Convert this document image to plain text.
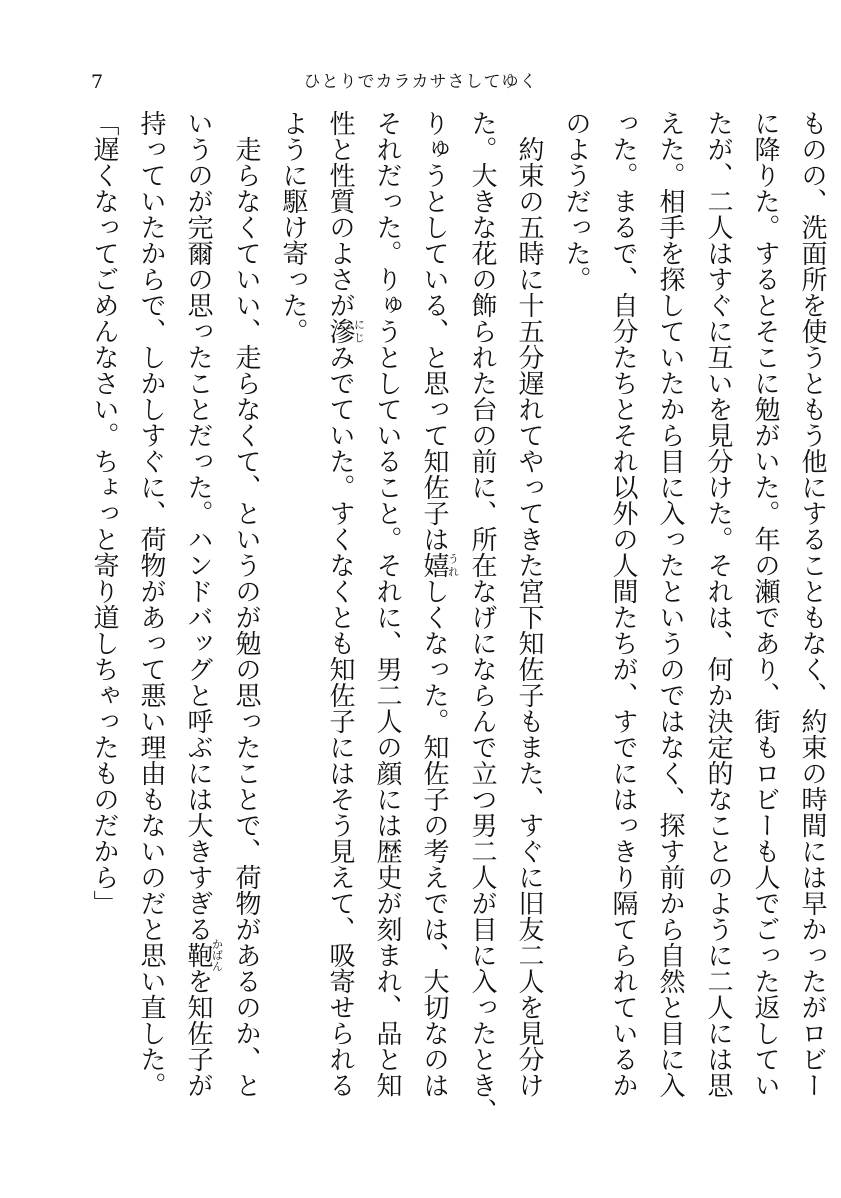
7	ひとりでカラカサさしてゆく
ものの、洗面所を使うともう他にすることもなく、約束の時間には早かったがロビー
に降りた。するとそこに勉がいた。年の瀬であり、街もロビーも人でごった返してい
たが、二人はすぐに互いを見分けた。それは、何か決定的なことのように二人には思
えた。相手を探していたから目に入ったというのではなく、探す前から自然と目に入
った。まるで、自分たちとそれ以外の人間たちが、すでにはっきり隔てられているか
のようだった。
約束の五時に十五分遅れてやってきた宮下知佐子もまた、すぐに旧友二人を見分け
た。大きな花の飾られた台の前に、所在なげにならんで立つ男二人が目に入ったとき、
りゅうとしている、と思って知佐子は嬉うれしくなった。知佐子の考えでは、大切なのは
それだった。りゅうとしていること。それに、男二人の顔には歴史が刻まれ、品と知
性と性質のよさが滲にじみでていた。すくなくとも知佐子にはそう見えて、吸寄せられる
ように駆け寄った。
走らなくていい、走らなくて、というのが勉の思ったことで、荷物があるのか、と
いうのが完爾の思ったことだった。ハンドバッグと呼ぶには大きすぎる鞄かばんを知佐子が
持っていたからで、しかしすぐに、荷物があって悪い理由もないのだと思い直した。
「遅くなってごめんなさい。ちょっと寄り道しちゃったものだから」
